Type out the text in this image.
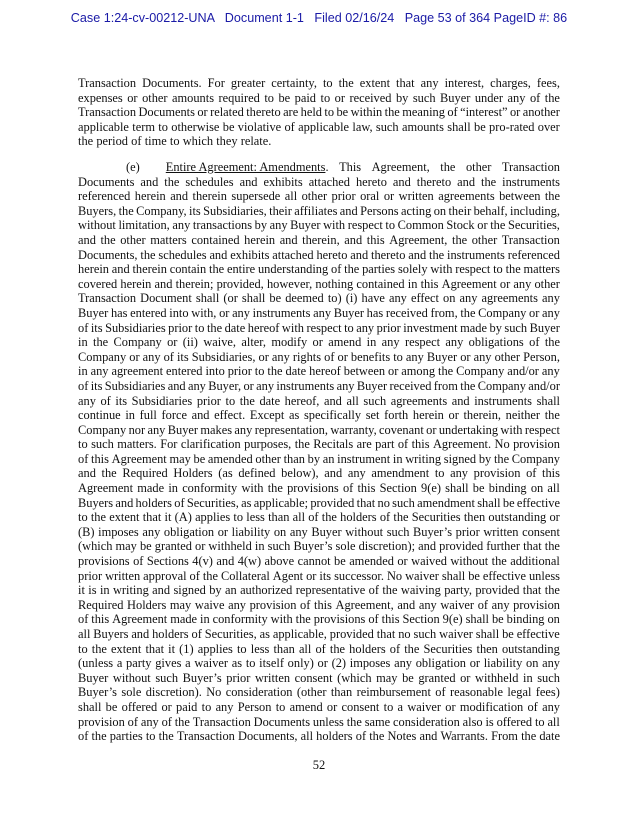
Case 1:24-cv-00212-UNA Document 1-1 Filed 02/16/24 Page 53 of 364 PageID #: 86
Transaction Documents. For greater certainty, to the extent that any interest, charges, fees,
expenses or other amounts required to be paid to or received by such Buyer under any of the
Transaction Documents or related thereto are held to be within the meaning of “interest” or another
applicable term to otherwise be violative of applicable law, such amounts shall be pro-rated over
the period of time to which they relate.
(e) Entire Agreement: Amendments . This Agreement, the other Transaction
Documents and the schedules and exhibits attached hereto and thereto and the instruments
referenced herein and therein supersede all other prior oral or written agreements between the
Buyers, the Company, its Subsidiaries, their affiliates and Persons acting on their behalf, including,
without limitation, any transactions by any Buyer with respect to Common Stock or the Securities,
and the other matters contained herein and therein, and this Agreement, the other Transaction
Documents, the schedules and exhibits attached hereto and thereto and the instruments referenced
herein and therein contain the entire understanding of the parties solely with respect to the matters
covered herein and therein; provided, however, nothing contained in this Agreement or any other
Transaction Document shall (or shall be deemed to) (i) have any effect on any agreements any
Buyer has entered into with, or any instruments any Buyer has received from, the Company or any
of its Subsidiaries prior to the date hereof with respect to any prior investment made by such Buyer
in the Company or (ii) waive, alter, modify or amend in any respect any obligations of the
Company or any of its Subsidiaries, or any rights of or benefits to any Buyer or any other Person,
in any agreement entered into prior to the date hereof between or among the Company and/or any
of its Subsidiaries and any Buyer, or any instruments any Buyer received from the Company and/or
any of its Subsidiaries prior to the date hereof, and all such agreements and instruments shall
continue in full force and effect. Except as specifically set forth herein or therein, neither the
Company nor any Buyer makes any representation, warranty, covenant or undertaking with respect
to such matters. For clarification purposes, the Recitals are part of this Agreement. No provision
of this Agreement may be amended other than by an instrument in writing signed by the Company
and the Required Holders (as defined below), and any amendment to any provision of this
Agreement made in conformity with the provisions of this Section 9(e) shall be binding on all
Buyers and holders of Securities, as applicable; provided that no such amendment shall be effective
to the extent that it (A) applies to less than all of the holders of the Securities then outstanding or
(B) imposes any obligation or liability on any Buyer without such Buyer’s prior written consent
(which may be granted or withheld in such Buyer’s sole discretion); and provided further that the
provisions of Sections 4(v) and 4(w) above cannot be amended or waived without the additional
prior written approval of the Collateral Agent or its successor. No waiver shall be effective unless
it is in writing and signed by an authorized representative of the waiving party, provided that the
Required Holders may waive any provision of this Agreement, and any waiver of any provision
of this Agreement made in conformity with the provisions of this Section 9(e) shall be binding on
all Buyers and holders of Securities, as applicable, provided that no such waiver shall be effective
to the extent that it (1) applies to less than all of the holders of the Securities then outstanding
(unless a party gives a waiver as to itself only) or (2) imposes any obligation or liability on any
Buyer without such Buyer’s prior written consent (which may be granted or withheld in such
Buyer’s sole discretion). No consideration (other than reimbursement of reasonable legal fees)
shall be offered or paid to any Person to amend or consent to a waiver or modification of any
provision of any of the Transaction Documents unless the same consideration also is offered to all
of the parties to the Transaction Documents, all holders of the Notes and Warrants. From the date
52
